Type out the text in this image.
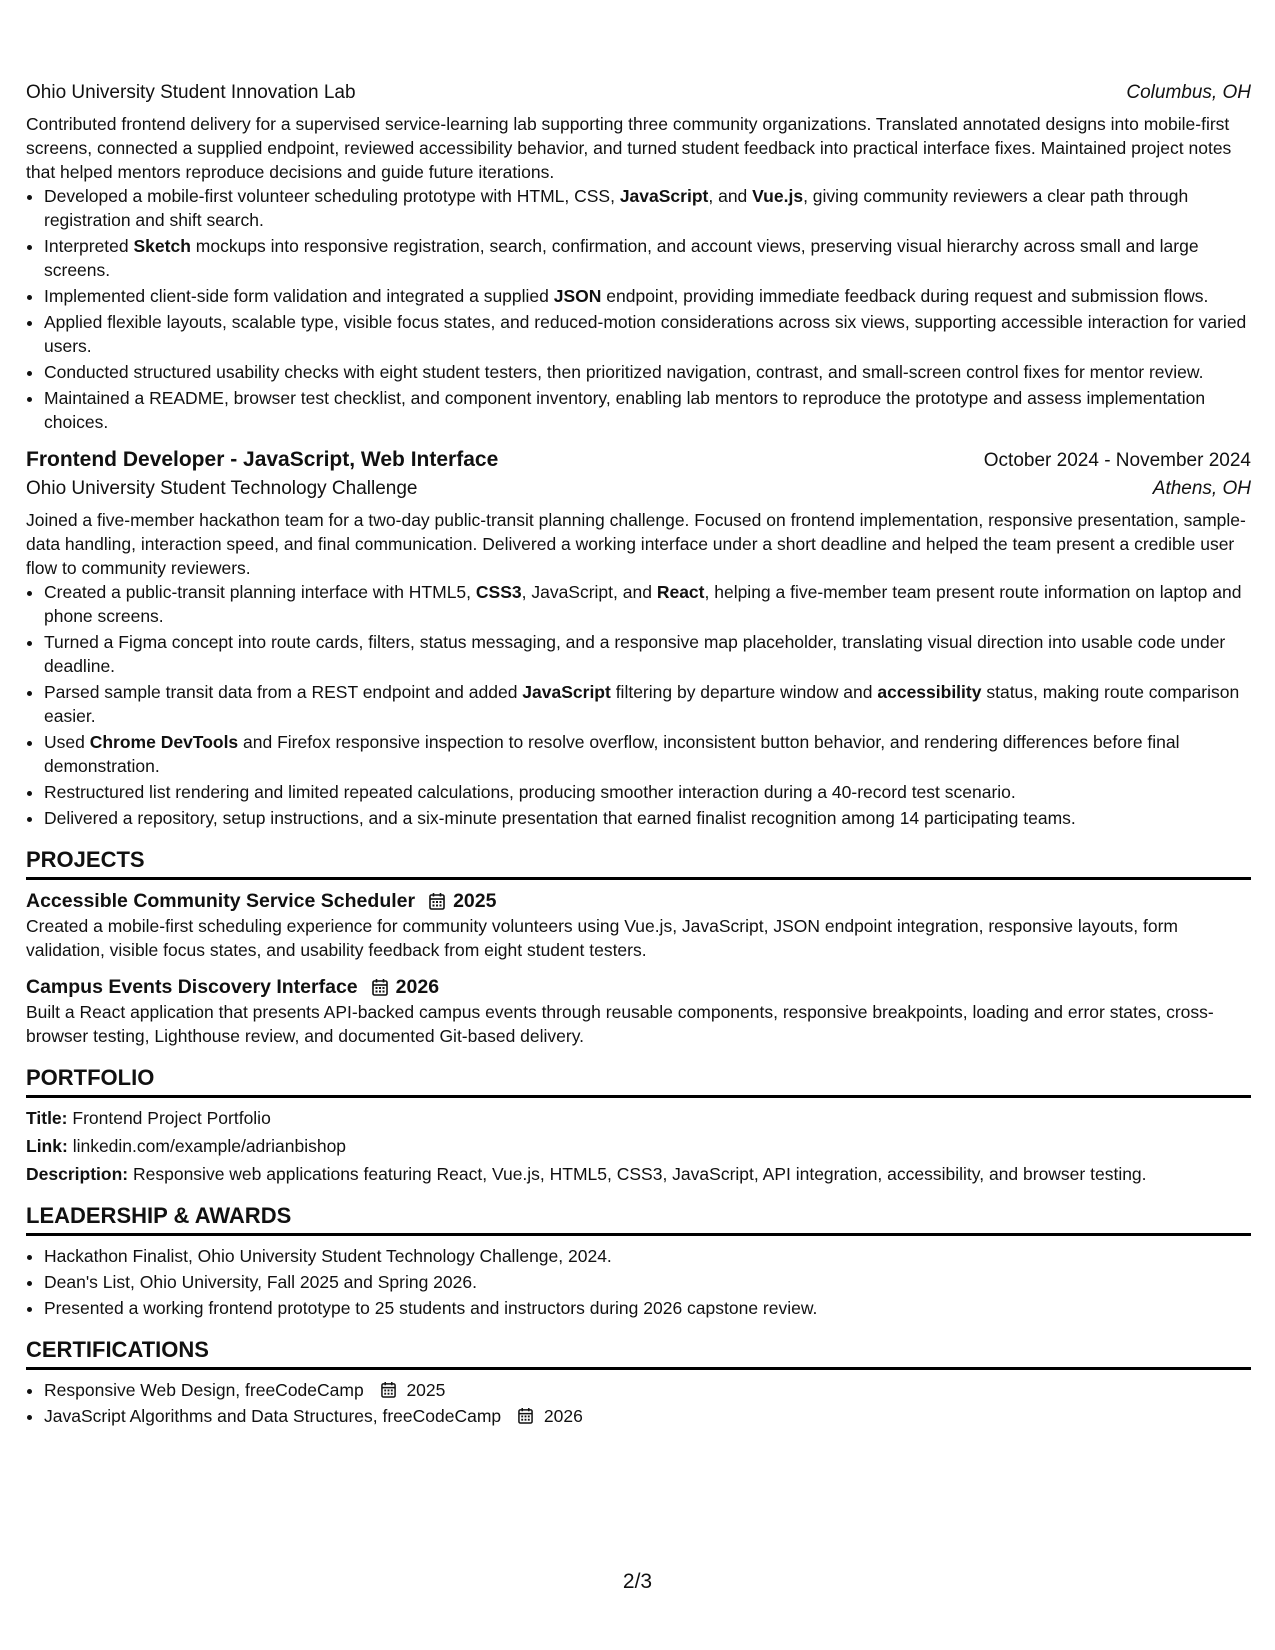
Ohio University Student Innovation Lab	Columbus, OH
Contributed frontend delivery for a supervised service-learning lab supporting three community organizations. Translated annotated designs into mobile-first screens, connected a supplied endpoint, reviewed accessibility behavior, and turned student feedback into practical interface fixes. Maintained project notes that helped mentors reproduce decisions and guide future iterations.
• Developed a mobile-first volunteer scheduling prototype with HTML, CSS, JavaScript, and Vue.js, giving community reviewers a clear path through registration and shift search.
• Interpreted Sketch mockups into responsive registration, search, confirmation, and account views, preserving visual hierarchy across small and large screens.
• Implemented client-side form validation and integrated a supplied JSON endpoint, providing immediate feedback during request and submission flows.
• Applied flexible layouts, scalable type, visible focus states, and reduced-motion considerations across six views, supporting accessible interaction for varied users.
• Conducted structured usability checks with eight student testers, then prioritized navigation, contrast, and small-screen control fixes for mentor review.
• Maintained a README, browser test checklist, and component inventory, enabling lab mentors to reproduce the prototype and assess implementation choices.
Frontend Developer - JavaScript, Web Interface	October 2024 - November 2024
Ohio University Student Technology Challenge	Athens, OH
Joined a five-member hackathon team for a two-day public-transit planning challenge. Focused on frontend implementation, responsive presentation, sample-data handling, interaction speed, and final communication. Delivered a working interface under a short deadline and helped the team present a credible user flow to community reviewers.
• Created a public-transit planning interface with HTML5, CSS3, JavaScript, and React, helping a five-member team present route information on laptop and phone screens.
• Turned a Figma concept into route cards, filters, status messaging, and a responsive map placeholder, translating visual direction into usable code under deadline.
• Parsed sample transit data from a REST endpoint and added JavaScript filtering by departure window and accessibility status, making route comparison easier.
• Used Chrome DevTools and Firefox responsive inspection to resolve overflow, inconsistent button behavior, and rendering differences before final demonstration.
• Restructured list rendering and limited repeated calculations, producing smoother interaction during a 40-record test scenario.
• Delivered a repository, setup instructions, and a six-minute presentation that earned finalist recognition among 14 participating teams.
PROJECTS
Accessible Community Service Scheduler 2025
Created a mobile-first scheduling experience for community volunteers using Vue.js, JavaScript, JSON endpoint integration, responsive layouts, form validation, visible focus states, and usability feedback from eight student testers.
Campus Events Discovery Interface 2026
Built a React application that presents API-backed campus events through reusable components, responsive breakpoints, loading and error states, cross-browser testing, Lighthouse review, and documented Git-based delivery.
PORTFOLIO
Title: Frontend Project Portfolio
Link: linkedin.com/example/adrianbishop
Description: Responsive web applications featuring React, Vue.js, HTML5, CSS3, JavaScript, API integration, accessibility, and browser testing.
LEADERSHIP & AWARDS
• Hackathon Finalist, Ohio University Student Technology Challenge, 2024.
• Dean's List, Ohio University, Fall 2025 and Spring 2026.
• Presented a working frontend prototype to 25 students and instructors during 2026 capstone review.
CERTIFICATIONS
• Responsive Web Design, freeCodeCamp 2025
• JavaScript Algorithms and Data Structures, freeCodeCamp 2026
2/3
